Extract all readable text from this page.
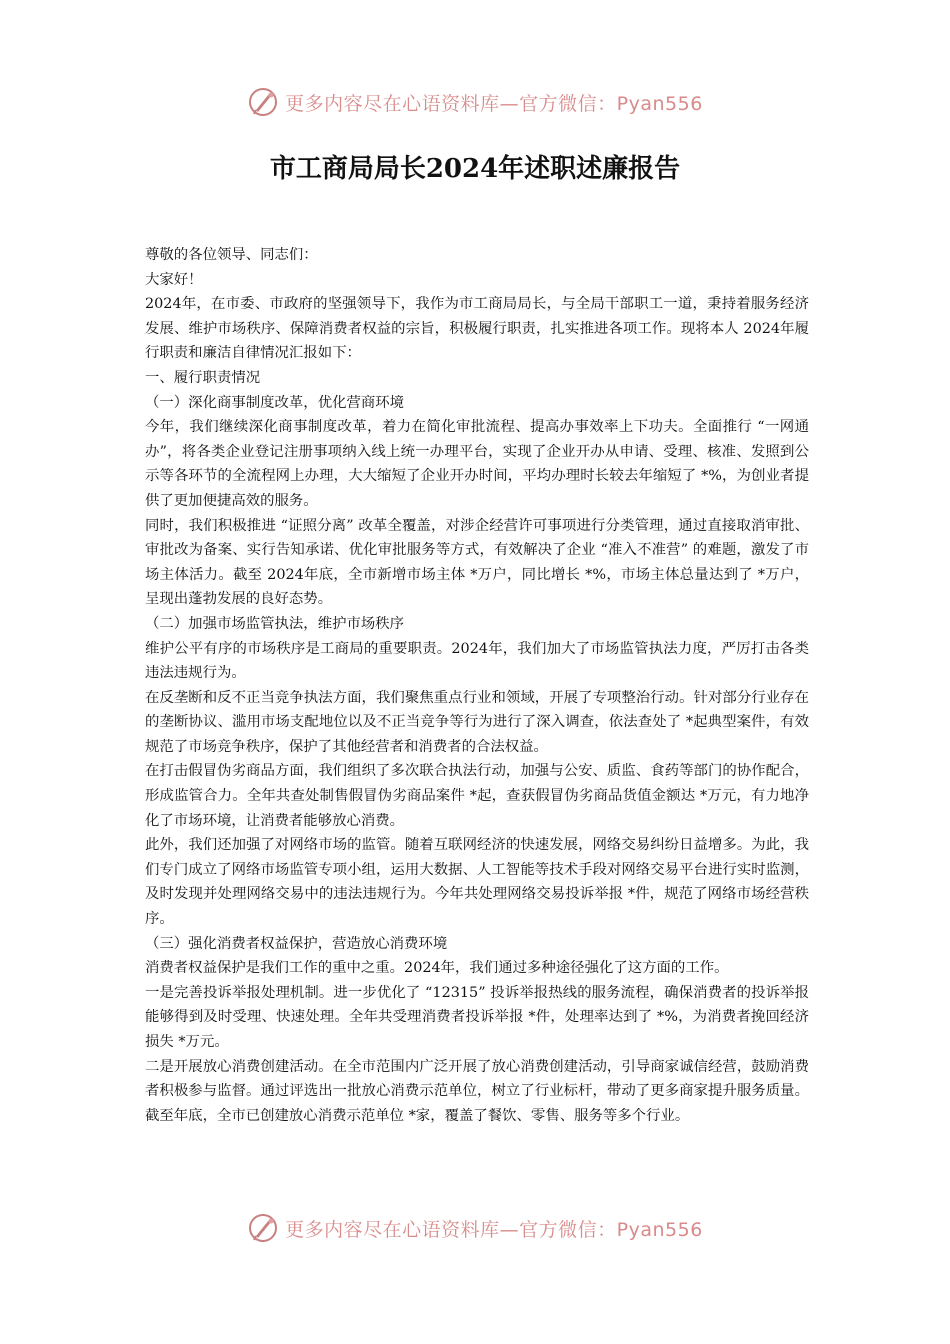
更多内容尽在心语资料库—官方微信：Pyan556
市工商局局长2024年述职述廉报告

尊敬的各位领导、同志们：

大家好！

2024年，在市委、市政府的坚强领导下，我作为市工商局局长，与全局干部职工一道，秉持着服务经济发展、维护市场秩序、保障消费者权益的宗旨，积极履行职责，扎实推进各项工作。现将本人 2024年履行职责和廉洁自律情况汇报如下：

一、履行职责情况

（一）深化商事制度改革，优化营商环境

今年，我们继续深化商事制度改革，着力在简化审批流程、提高办事效率上下功夫。全面推行 “一网通办”，将各类企业登记注册事项纳入线上统一办理平台，实现了企业开办从申请、受理、核准、发照到公示等各环节的全流程网上办理，大大缩短了企业开办时间，平均办理时长较去年缩短了 *%，为创业者提供了更加便捷高效的服务。

同时，我们积极推进 “证照分离” 改革全覆盖，对涉企经营许可事项进行分类管理，通过直接取消审批、审批改为备案、实行告知承诺、优化审批服务等方式，有效解决了企业 “准入不准营” 的难题，激发了市场主体活力。截至 2024年底，全市新增市场主体 *万户，同比增长 *%，市场主体总量达到了 *万户，呈现出蓬勃发展的良好态势。

（二）加强市场监管执法，维护市场秩序

维护公平有序的市场秩序是工商局的重要职责。2024年，我们加大了市场监管执法力度，严厉打击各类违法违规行为。

在反垄断和反不正当竞争执法方面，我们聚焦重点行业和领域，开展了专项整治行动。针对部分行业存在的垄断协议、滥用市场支配地位以及不正当竞争等行为进行了深入调查，依法查处了 *起典型案件，有效规范了市场竞争秩序，保护了其他经营者和消费者的合法权益。

在打击假冒伪劣商品方面，我们组织了多次联合执法行动，加强与公安、质监、食药等部门的协作配合，形成监管合力。全年共查处制售假冒伪劣商品案件 *起，查获假冒伪劣商品货值金额达 *万元，有力地净化了市场环境，让消费者能够放心消费。

此外，我们还加强了对网络市场的监管。随着互联网经济的快速发展，网络交易纠纷日益增多。为此，我们专门成立了网络市场监管专项小组，运用大数据、人工智能等技术手段对网络交易平台进行实时监测，及时发现并处理网络交易中的违法违规行为。今年共处理网络交易投诉举报 *件，规范了网络市场经营秩序。

（三）强化消费者权益保护，营造放心消费环境

消费者权益保护是我们工作的重中之重。2024年，我们通过多种途径强化了这方面的工作。

一是完善投诉举报处理机制。进一步优化了 “12315” 投诉举报热线的服务流程，确保消费者的投诉举报能够得到及时受理、快速处理。全年共受理消费者投诉举报 *件，处理率达到了 *%，为消费者挽回经济损失 *万元。

二是开展放心消费创建活动。在全市范围内广泛开展了放心消费创建活动，引导商家诚信经营，鼓励消费者积极参与监督。通过评选出一批放心消费示范单位，树立了行业标杆，带动了更多商家提升服务质量。截至年底，全市已创建放心消费示范单位 *家，覆盖了餐饮、零售、服务等多个行业。

更多内容尽在心语资料库—官方微信：Pyan556
